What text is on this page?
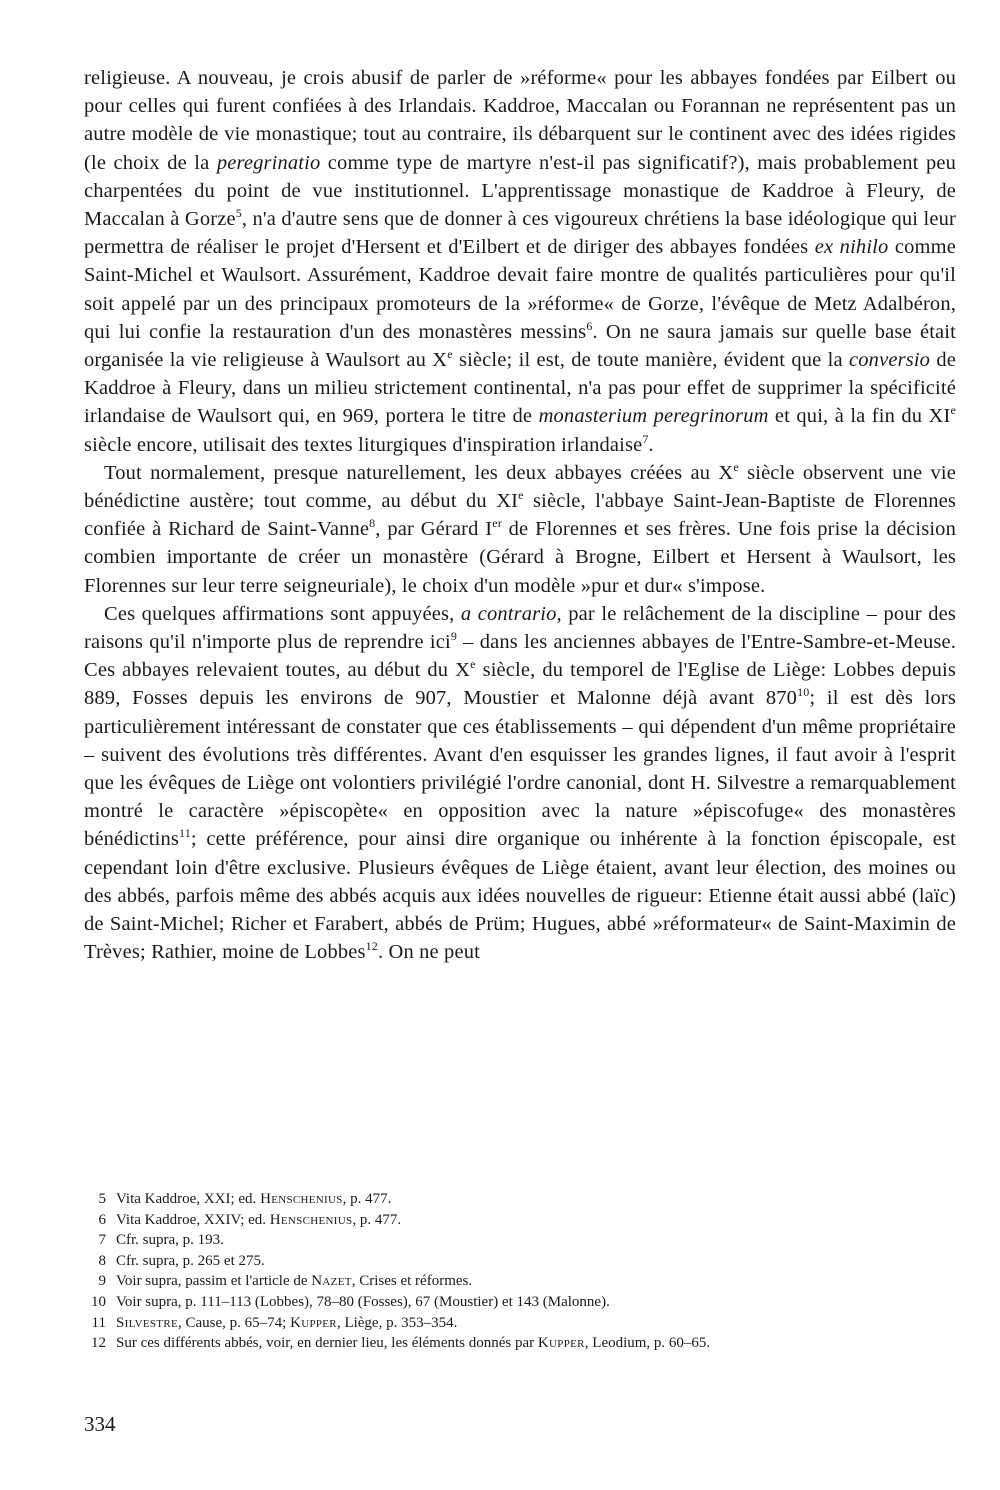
religieuse. A nouveau, je crois abusif de parler de »réforme« pour les abbayes fondées par Eilbert ou pour celles qui furent confiées à des Irlandais. Kaddroe, Maccalan ou Forannan ne représentent pas un autre modèle de vie monastique; tout au contraire, ils débarquent sur le continent avec des idées rigides (le choix de la peregrinatio comme type de martyre n'est-il pas significatif?), mais probablement peu charpentées du point de vue institutionnel. L'apprentissage monastique de Kaddroe à Fleury, de Maccalan à Gorze$^5$, n'a d'autre sens que de donner à ces vigoureux chrétiens la base idéologique qui leur permettra de réaliser le projet d'Hersent et d'Eilbert et de diriger des abbayes fondées ex nihilo comme Saint-Michel et Waulsort. Assurément, Kaddroe devait faire montre de qualités particulières pour qu'il soit appelé par un des principaux promoteurs de la »réforme« de Gorze, l'évêque de Metz Adalbéron, qui lui confie la restauration d'un des monastères messins$^6$. On ne saura jamais sur quelle base était organisée la vie religieuse à Waulsort au Xe siècle; il est, de toute manière, évident que la conversio de Kaddroe à Fleury, dans un milieu strictement continental, n'a pas pour effet de supprimer la spécificité irlandaise de Waulsort qui, en 969, portera le titre de monasterium peregrinorum et qui, à la fin du XIe siècle encore, utilisait des textes liturgiques d'inspiration irlandaise$^7$.

Tout normalement, presque naturellement, les deux abbayes créées au Xe siècle observent une vie bénédictine austère; tout comme, au début du XIe siècle, l'abbaye Saint-Jean-Baptiste de Florennes confiée à Richard de Saint-Vanne$^8$, par Gérard Ier de Florennes et ses frères. Une fois prise la décision combien importante de créer un monastère (Gérard à Brogne, Eilbert et Hersent à Waulsort, les Florennes sur leur terre seigneuriale), le choix d'un modèle »pur et dur« s'impose.

Ces quelques affirmations sont appuyées, a contrario, par le relâchement de la discipline – pour des raisons qu'il n'importe plus de reprendre ici$^9$ – dans les anciennes abbayes de l'Entre-Sambre-et-Meuse. Ces abbayes relevaient toutes, au début du Xe siècle, du temporel de l'Eglise de Liège: Lobbes depuis 889, Fosses depuis les environs de 907, Moustier et Malonne déjà avant 870$^{10}$; il est dès lors particulièrement intéressant de constater que ces établissements – qui dépendent d'un même propriétaire – suivent des évolutions très différentes. Avant d'en esquisser les grandes lignes, il faut avoir à l'esprit que les évêques de Liège ont volontiers privilégié l'ordre canonial, dont H. Silvestre a remarquablement montré le caractère »épiscopète« en opposition avec la nature »épiscofuge« des monastères bénédictins$^{11}$; cette préférence, pour ainsi dire organique ou inhérente à la fonction épiscopale, est cependant loin d'être exclusive. Plusieurs évêques de Liège étaient, avant leur élection, des moines ou des abbés, parfois même des abbés acquis aux idées nouvelles de rigueur: Etienne était aussi abbé (laïc) de Saint-Michel; Richer et Farabert, abbés de Prüm; Hugues, abbé »réformateur« de Saint-Maximin de Trèves; Rathier, moine de Lobbes$^{12}$. On ne peut

5 Vita Kaddroe, XXI; ed. Henschenius, p. 477.
6 Vita Kaddroe, XXIV; ed. Henschenius, p. 477.
7 Cfr. supra, p. 193.
8 Cfr. supra, p. 265 et 275.
9 Voir supra, passim et l'article de Nazet, Crises et réformes.
10 Voir supra, p. 111–113 (Lobbes), 78–80 (Fosses), 67 (Moustier) et 143 (Malonne).
11 Silvestre, Cause, p. 65–74; Kupper, Liège, p. 353–354.
12 Sur ces différents abbés, voir, en dernier lieu, les éléments donnés par Kupper, Leodium, p. 60–65.
334
